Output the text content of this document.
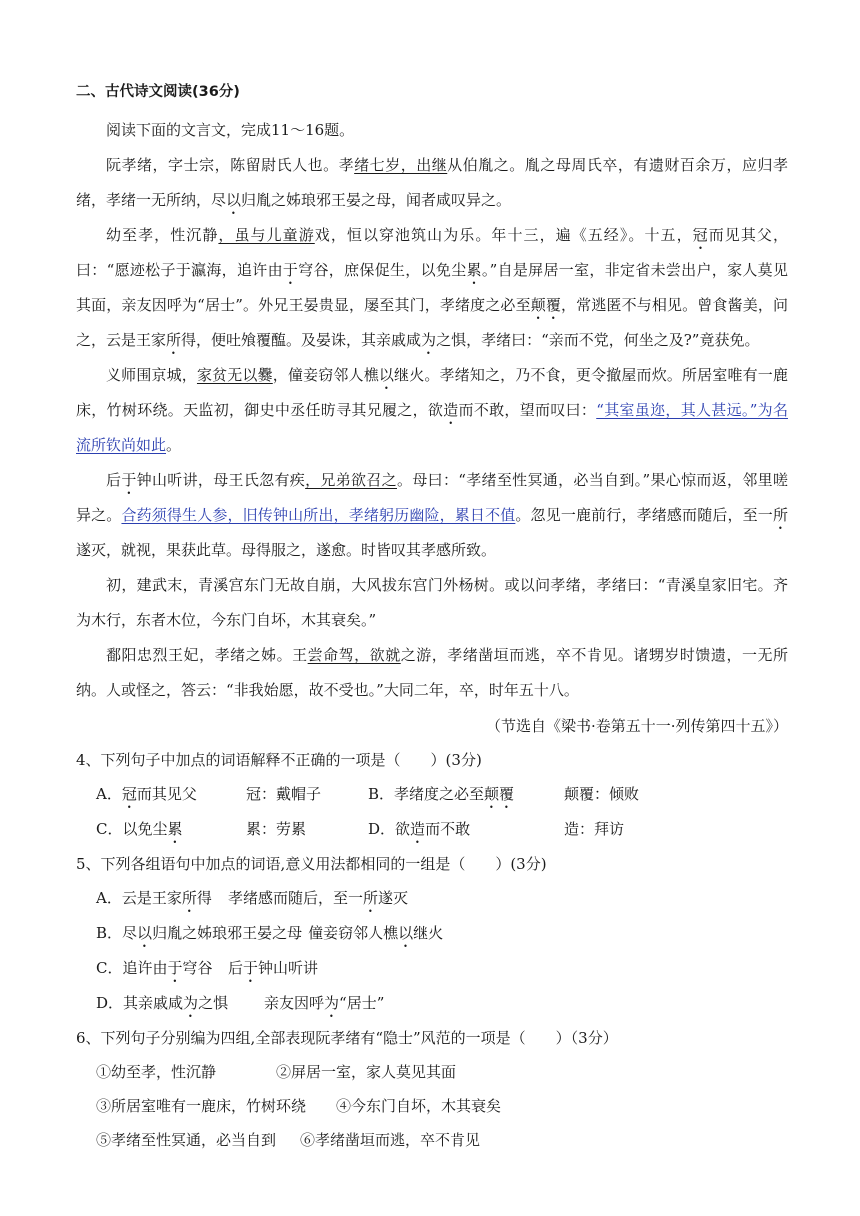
二、古代诗文阅读(36分)

阅读下面的文言文，完成11～16题。

阮孝绪，字士宗，陈留尉氏人也。孝绪七岁，出继从伯胤之。胤之母周氏卒，有遗财百余万，应归孝绪，孝绪一无所纳，尽以归胤之姊琅邪王晏之母，闻者咸叹异之。

幼至孝，性沉静，虽与儿童游戏，恒以穿池筑山为乐。年十三，遍《五经》。十五，冠而见其父，曰：“愿迹松子于瀛海，追许由于穹谷，庶保促生，以免尘累。”自是屏居一室，非定省未尝出户，家人莫见其面，亲友因呼为“居士”。外兄王晏贵显，屡至其门，孝绪度之必至颠覆，常逃匿不与相见。曾食酱美，问之，云是王家所得，便吐飧覆醢。及晏诛，其亲戚咸为之惧，孝绪曰：“亲而不党，何坐之及?”竟获免。

义师围京城，家贫无以爨，僮妾窃邻人樵以继火。孝绪知之，乃不食，更令撤屋而炊。所居室唯有一鹿床，竹树环绕。天监初，御史中丞任昉寻其兄履之，欲造而不敢，望而叹曰：“其室虽迩，其人甚远。”为名流所钦尚如此。

后于钟山听讲，母王氏忽有疾，兄弟欲召之。母曰：“孝绪至性冥通，必当自到。”果心惊而返，邻里嗟异之。合药须得生人参，旧传钟山所出，孝绪躬历幽险，累日不值。忽见一鹿前行，孝绪感而随后，至一所遂灭，就视，果获此草。母得服之，遂愈。时皆叹其孝感所致。

初，建武末，青溪宫东门无故自崩，大风拔东宫门外杨树。或以问孝绪，孝绪曰：“青溪皇家旧宅。齐为木行，东者木位，今东门自坏，木其衰矣。”

鄱阳忠烈王妃，孝绪之姊。王尝命驾，欲就之游，孝绪凿垣而逃，卒不肯见。诸甥岁时馈遗，一无所纳。人或怪之，答云：“非我始愿，故不受也。”大同二年，卒，时年五十八。

（节选自《梁书·卷第五十一·列传第四十五》）

4、下列句子中加点的词语解释不正确的一项是（　　）(3分)

A．冠而其见父	冠：戴帽子	B．孝绪度之必至颠覆	颠覆：倾败
C．以免尘累	累：劳累	D．欲造而不敢	造：拜访

5、下列各组语句中加点的词语,意义用法都相同的一组是（　　）(3分)

A．云是王家所得	孝绪感而随后，至一所遂灭
B．尽以归胤之姊琅邪王晏之母 僮妾窃邻人樵以继火
C．追许由于穹谷	后于钟山听讲
D．其亲戚咸为之惧	亲友因呼为“居士”

6、下列句子分别编为四组,全部表现阮孝绪有“隐士”风范的一项是（　　）（3分）

①幼至孝，性沉静	②屏居一室，家人莫见其面
③所居室唯有一鹿床，竹树环绕	④今东门自坏，木其衰矣
⑤孝绪至性冥通，必当自到	⑥孝绪凿垣而逃，卒不肯见
